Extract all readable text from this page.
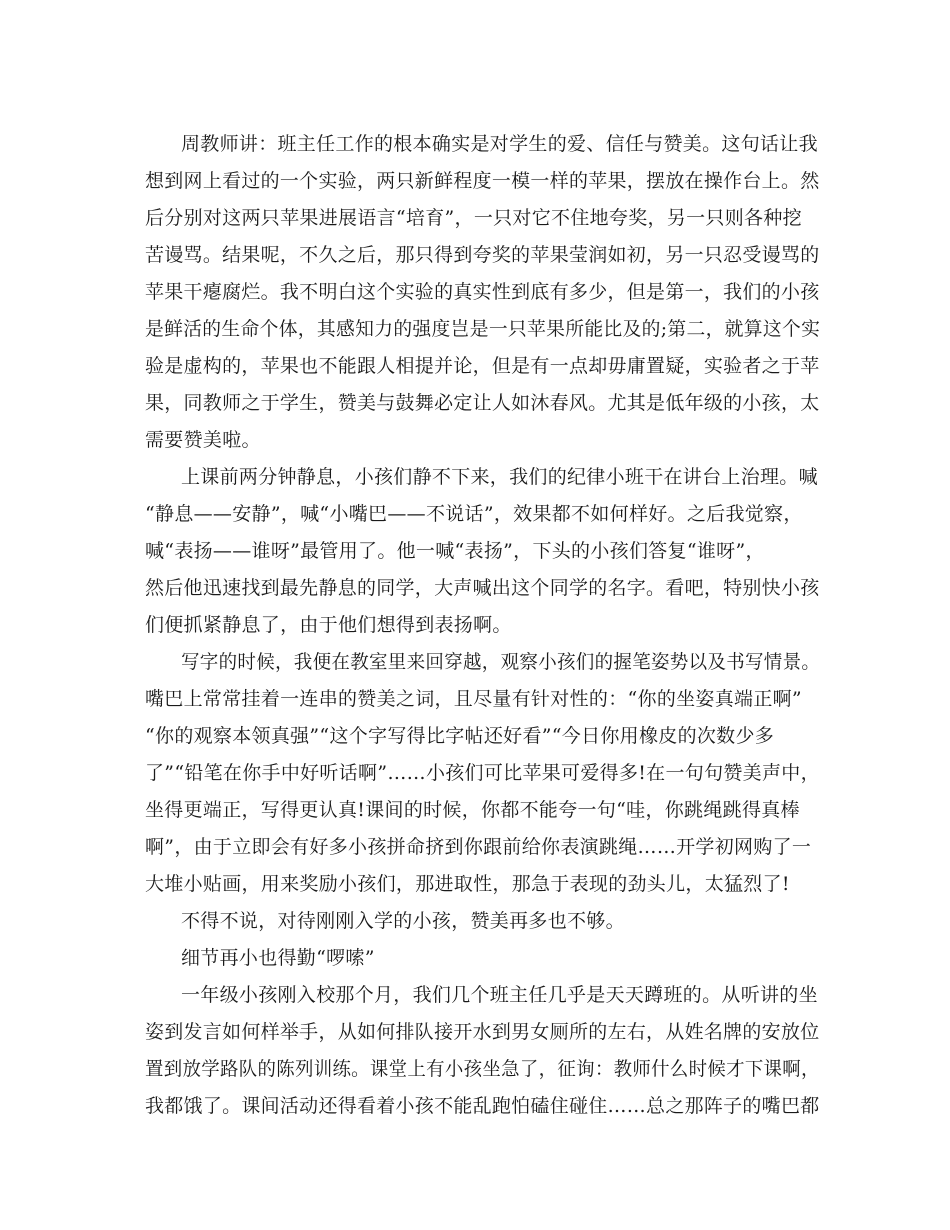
周教师讲：班主任工作的根本确实是对学生的爱、信任与赞美。这句话让我
想到网上看过的一个实验，两只新鲜程度一模一样的苹果，摆放在操作台上。然
后分别对这两只苹果进展语言“培育”，一只对它不住地夸奖，另一只则各种挖
苦谩骂。结果呢，不久之后，那只得到夸奖的苹果莹润如初，另一只忍受谩骂的
苹果干瘪腐烂。我不明白这个实验的真实性到底有多少，但是第一，我们的小孩
是鲜活的生命个体，其感知力的强度岂是一只苹果所能比及的;第二，就算这个实
验是虚构的，苹果也不能跟人相提并论，但是有一点却毋庸置疑，实验者之于苹
果，同教师之于学生，赞美与鼓舞必定让人如沐春风。尤其是低年级的小孩，太
需要赞美啦。
上课前两分钟静息，小孩们静不下来，我们的纪律小班干在讲台上治理。喊
“静息——安静”，喊“小嘴巴——不说话”，效果都不如何样好。之后我觉察，
喊“表扬——谁呀”最管用了。他一喊“表扬”，下头的小孩们答复“谁呀”，
然后他迅速找到最先静息的同学，大声喊出这个同学的名字。看吧，特别快小孩
们便抓紧静息了，由于他们想得到表扬啊。
写字的时候，我便在教室里来回穿越，观察小孩们的握笔姿势以及书写情景。
嘴巴上常常挂着一连串的赞美之词，且尽量有针对性的：“你的坐姿真端正啊”
“你的观察本领真强”“这个字写得比字帖还好看”“今日你用橡皮的次数少多
了”“铅笔在你手中好听话啊”……小孩们可比苹果可爱得多!在一句句赞美声中，
坐得更端正，写得更认真!课间的时候，你都不能夸一句“哇，你跳绳跳得真棒
啊”，由于立即会有好多小孩拼命挤到你跟前给你表演跳绳……开学初网购了一
大堆小贴画，用来奖励小孩们，那进取性，那急于表现的劲头儿，太猛烈了!
不得不说，对待刚刚入学的小孩，赞美再多也不够。
细节再小也得勤“啰嗦”
一年级小孩刚入校那个月，我们几个班主任几乎是天天蹲班的。从听讲的坐
姿到发言如何样举手，从如何排队接开水到男女厕所的左右，从姓名牌的安放位
置到放学路队的陈列训练。课堂上有小孩坐急了，征询：教师什么时候才下课啊，
我都饿了。课间活动还得看着小孩不能乱跑怕磕住碰住……总之那阵子的嘴巴都
